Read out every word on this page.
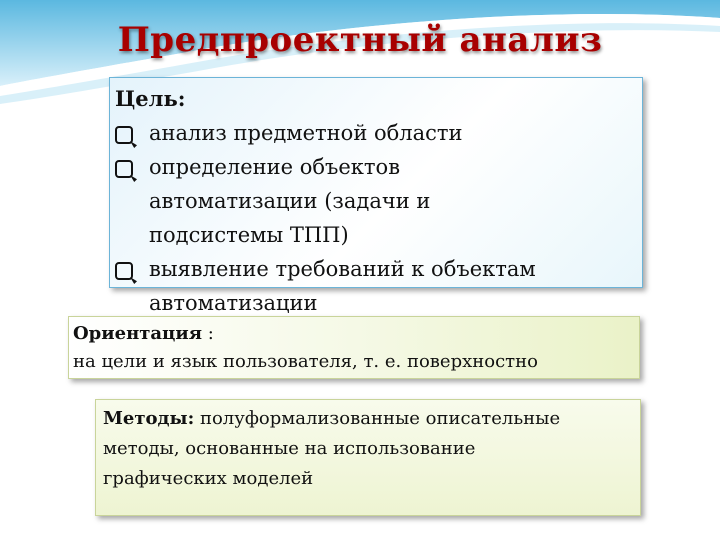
Предпроектный анализ
Цель:
анализ предметной области
определение объектов
автоматизации (задачи и
подсистемы ТПП)
выявление требований к объектам
автоматизации
Ориентация :
на цели и язык пользователя, т. е. поверхностно
Методы: полуформализованные описательные
методы, основанные на использование
графических моделей
